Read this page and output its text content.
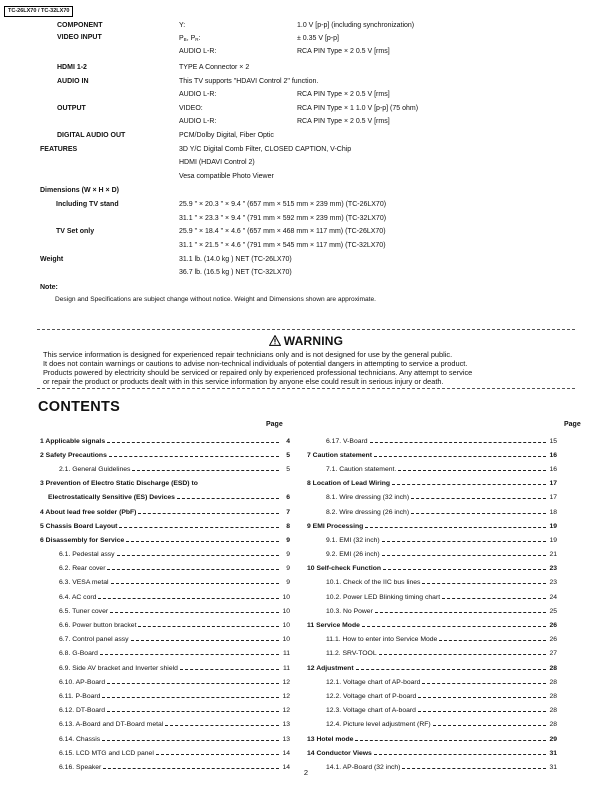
TC-26LX70 / TC-32LX70
COMPONENT	Y:	1.0 V [p-p] (including synchronization)
VIDEO INPUT	$P_B$, $P_R$:	± 0.35 V [p-p]
AUDIO L-R:	RCA PIN Type × 2 0.5 V [rms]
HDMI 1-2	TYPE A Connector × 2
AUDIO IN	This TV supports "HDAVI Control 2" function.
AUDIO L-R:	RCA PIN Type × 2 0.5 V [rms]
OUTPUT	VIDEO:	RCA PIN Type × 1 1.0 V [p-p] (75 ohm)
AUDIO L-R:	RCA PIN Type × 2 0.5 V [rms]
DIGITAL AUDIO OUT	PCM/Dolby Digital, Fiber Optic
FEATURES	3D Y/C Digital Comb Filter, CLOSED CAPTION, V-Chip
HDMI (HDAVI Control 2)
Vesa compatible Photo Viewer
Dimensions (W × H × D)
Including TV stand	25.9 " × 20.3 " × 9.4 " (657 mm × 515 mm × 239 mm) (TC-26LX70)
31.1 " × 23.3 " × 9.4 " (791 mm × 592 mm × 239 mm) (TC-32LX70)
TV Set only	25.9 " × 18.4 " × 4.6 " (657 mm × 468 mm × 117 mm) (TC-26LX70)
31.1 " × 21.5 " × 4.6 " (791 mm × 545 mm × 117 mm) (TC-32LX70)
Weight	31.1 lb. (14.0 kg ) NET (TC-26LX70)
36.7 lb. (16.5 kg ) NET (TC-32LX70)
Note:
Design and Specifications are subject change without notice. Weight and Dimensions shown are approximate.
WARNING
This service information is designed for experienced repair technicians only and is not designed for use by the general public.
It does not contain warnings or cautions to advise non-technical individuals of potential dangers in attempting to service a product.
Products powered by electricity should be serviced or repaired only by experienced professional technicians. Any attempt to service
or repair the product or products dealt with in this service information by anyone else could result in serious injury or death.
CONTENTS
Page	Page
1 Applicable signals	4
2 Safety Precautions	5
2.1. General Guidelines	5
3 Prevention of Electro Static Discharge (ESD) to
Electrostatically Sensitive (ES) Devices	6
4 About lead free solder (PbF)	7
5 Chassis Board Layout	8
6 Disassembly for Service	9
6.1. Pedestal assy	9
6.2. Rear cover	9
6.3. VESA metal	9
6.4. AC cord	10
6.5. Tuner cover	10
6.6. Power button bracket	10
6.7. Control panel assy	10
6.8. G-Board	11
6.9. Side AV bracket and Inverter shield	11
6.10. AP-Board	12
6.11. P-Board	12
6.12. DT-Board	12
6.13. A-Board and DT-Board metal	13
6.14. Chassis	13
6.15. LCD MTG and LCD panel	14
6.16. Speaker	14
6.17. V-Board	15
7 Caution statement	16
7.1. Caution statement.	16
8 Location of Lead Wiring	17
8.1. Wire dressing (32 inch)	17
8.2. Wire dressing (26 inch)	18
9 EMI Processing	19
9.1. EMI (32 inch)	19
9.2. EMI (26 inch)	21
10 Self-check Function	23
10.1. Check of the IIC bus lines	23
10.2. Power LED Blinking timing chart	24
10.3. No Power	25
11 Service Mode	26
11.1. How to enter into Service Mode	26
11.2. SRV-TOOL	27
12 Adjustment	28
12.1. Voltage chart of AP-board	28
12.2. Voltage chart of P-board	28
12.3. Voltage chart of A-board	28
12.4. Picture level adjustment (RF)	28
13 Hotel mode	29
14 Conductor Views	31
14.1. AP-Board (32 inch)	31
2
